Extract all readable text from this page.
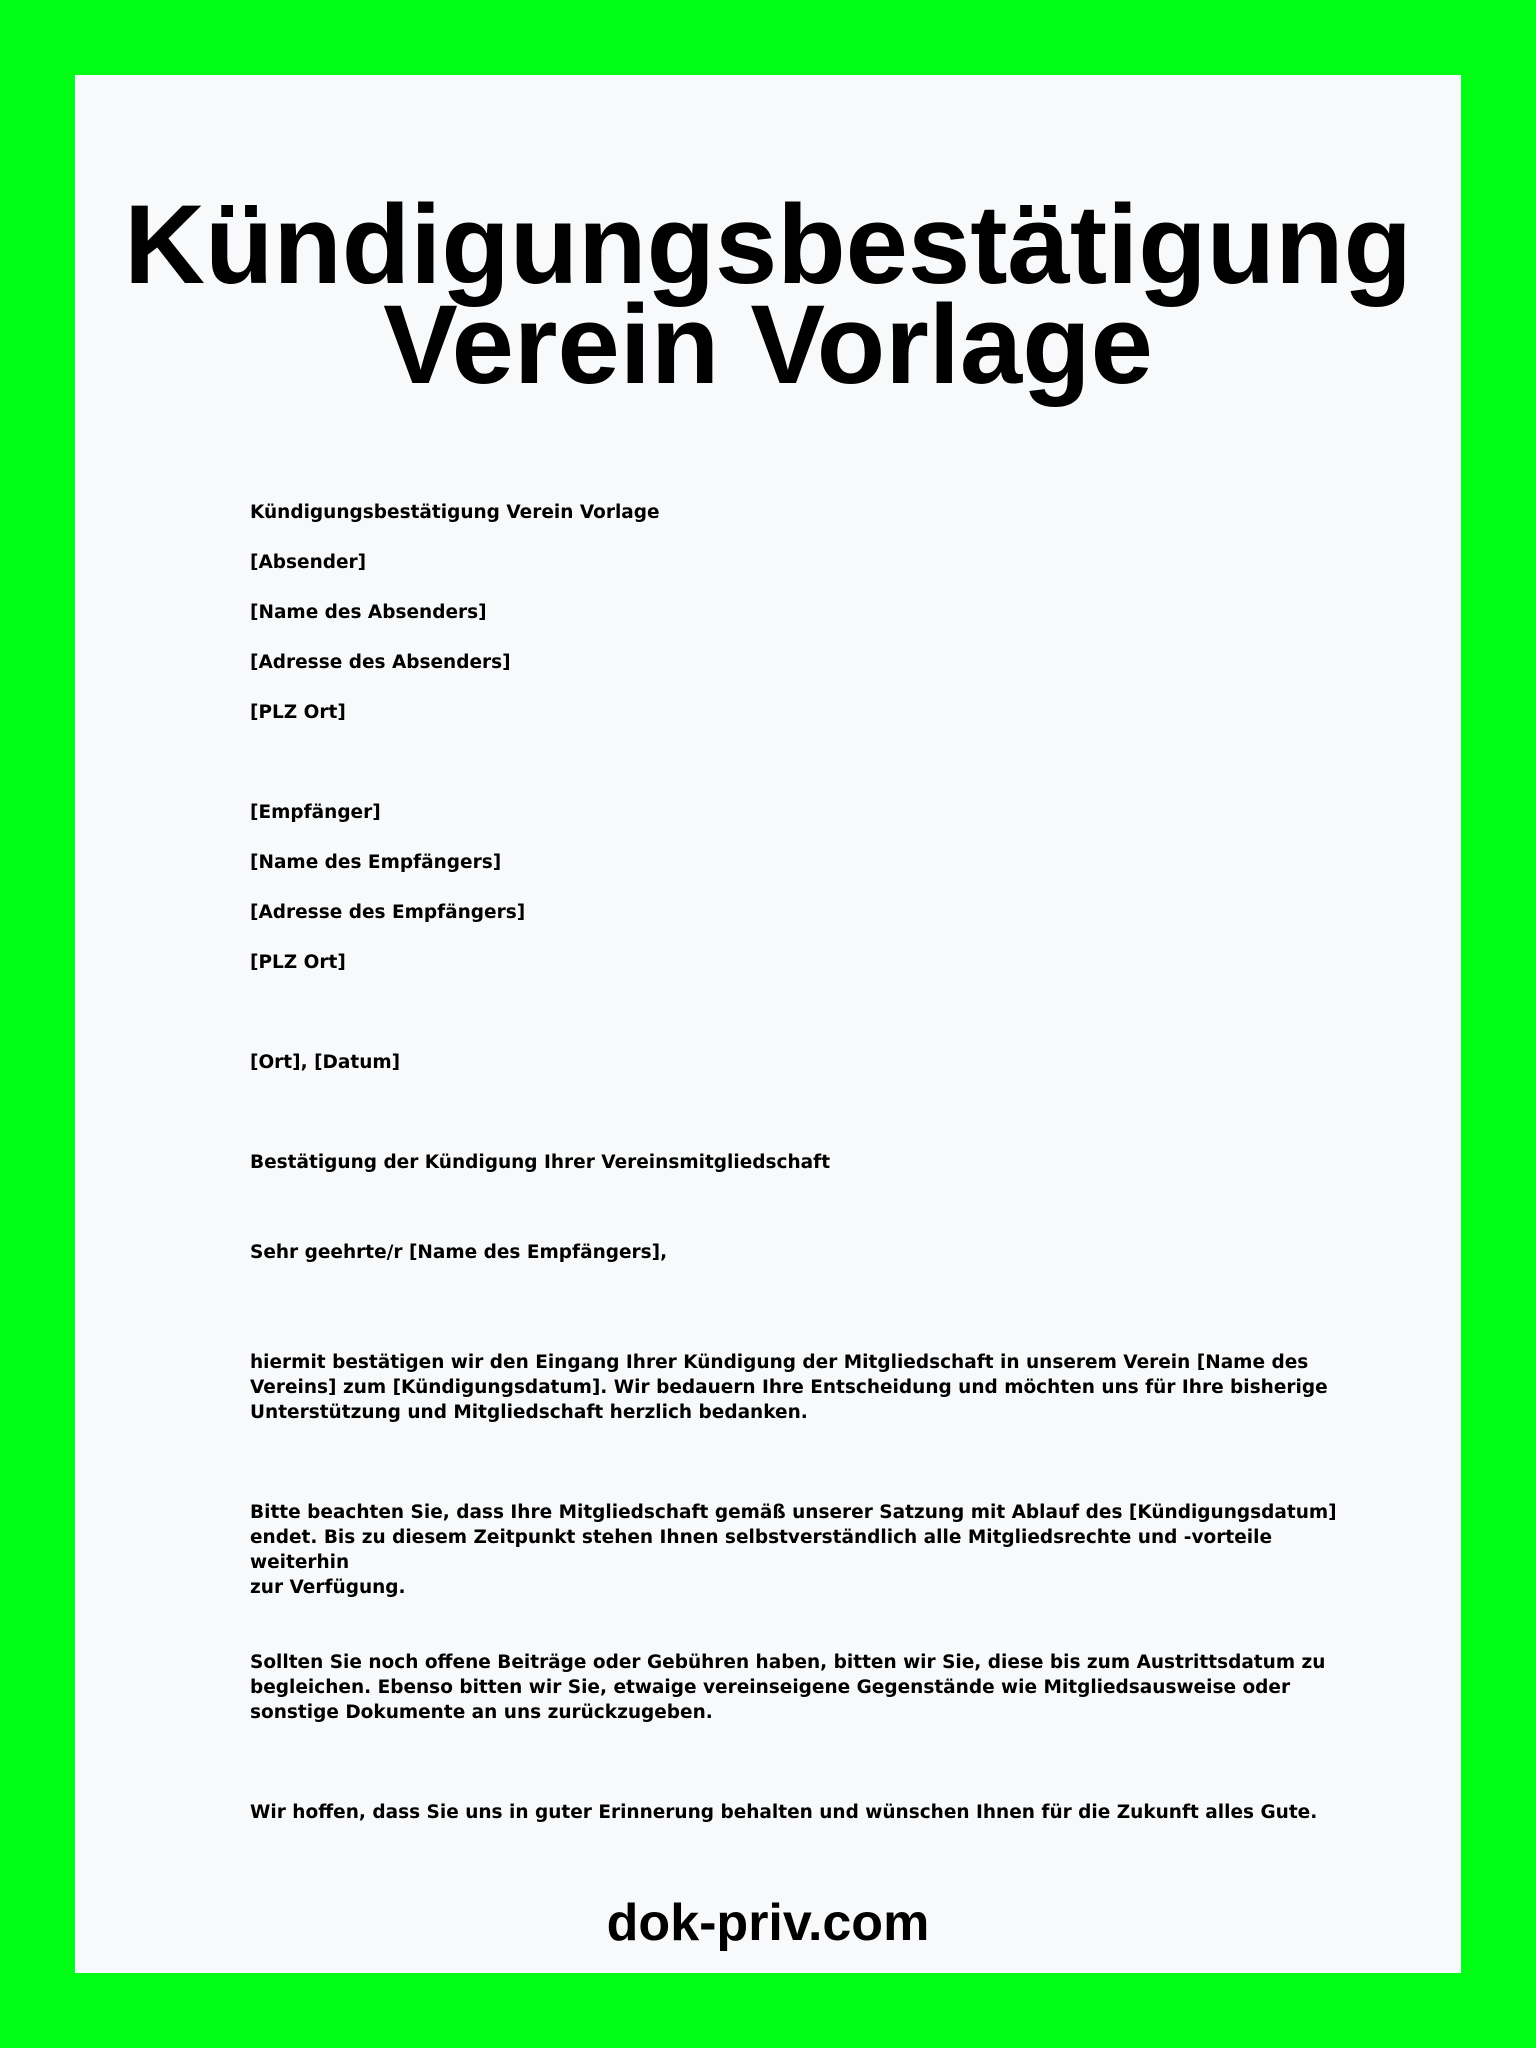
Kündigungsbestätigung
Verein Vorlage
Kündigungsbestätigung Verein Vorlage
[Absender]
[Name des Absenders]
[Adresse des Absenders]
[PLZ Ort]
[Empfänger]
[Name des Empfängers]
[Adresse des Empfängers]
[PLZ Ort]
[Ort], [Datum]
Bestätigung der Kündigung Ihrer Vereinsmitgliedschaft
Sehr geehrte/r [Name des Empfängers],
hiermit bestätigen wir den Eingang Ihrer Kündigung der Mitgliedschaft in unserem Verein [Name des
Vereins] zum [Kündigungsdatum]. Wir bedauern Ihre Entscheidung und möchten uns für Ihre bisherige
Unterstützung und Mitgliedschaft herzlich bedanken.
Bitte beachten Sie, dass Ihre Mitgliedschaft gemäß unserer Satzung mit Ablauf des [Kündigungsdatum]
endet. Bis zu diesem Zeitpunkt stehen Ihnen selbstverständlich alle Mitgliedsrechte und -vorteile weiterhin
zur Verfügung.
Sollten Sie noch offene Beiträge oder Gebühren haben, bitten wir Sie, diese bis zum Austrittsdatum zu
begleichen. Ebenso bitten wir Sie, etwaige vereinseigene Gegenstände wie Mitgliedsausweise oder
sonstige Dokumente an uns zurückzugeben.
Wir hoffen, dass Sie uns in guter Erinnerung behalten und wünschen Ihnen für die Zukunft alles Gute.
dok-priv.com
